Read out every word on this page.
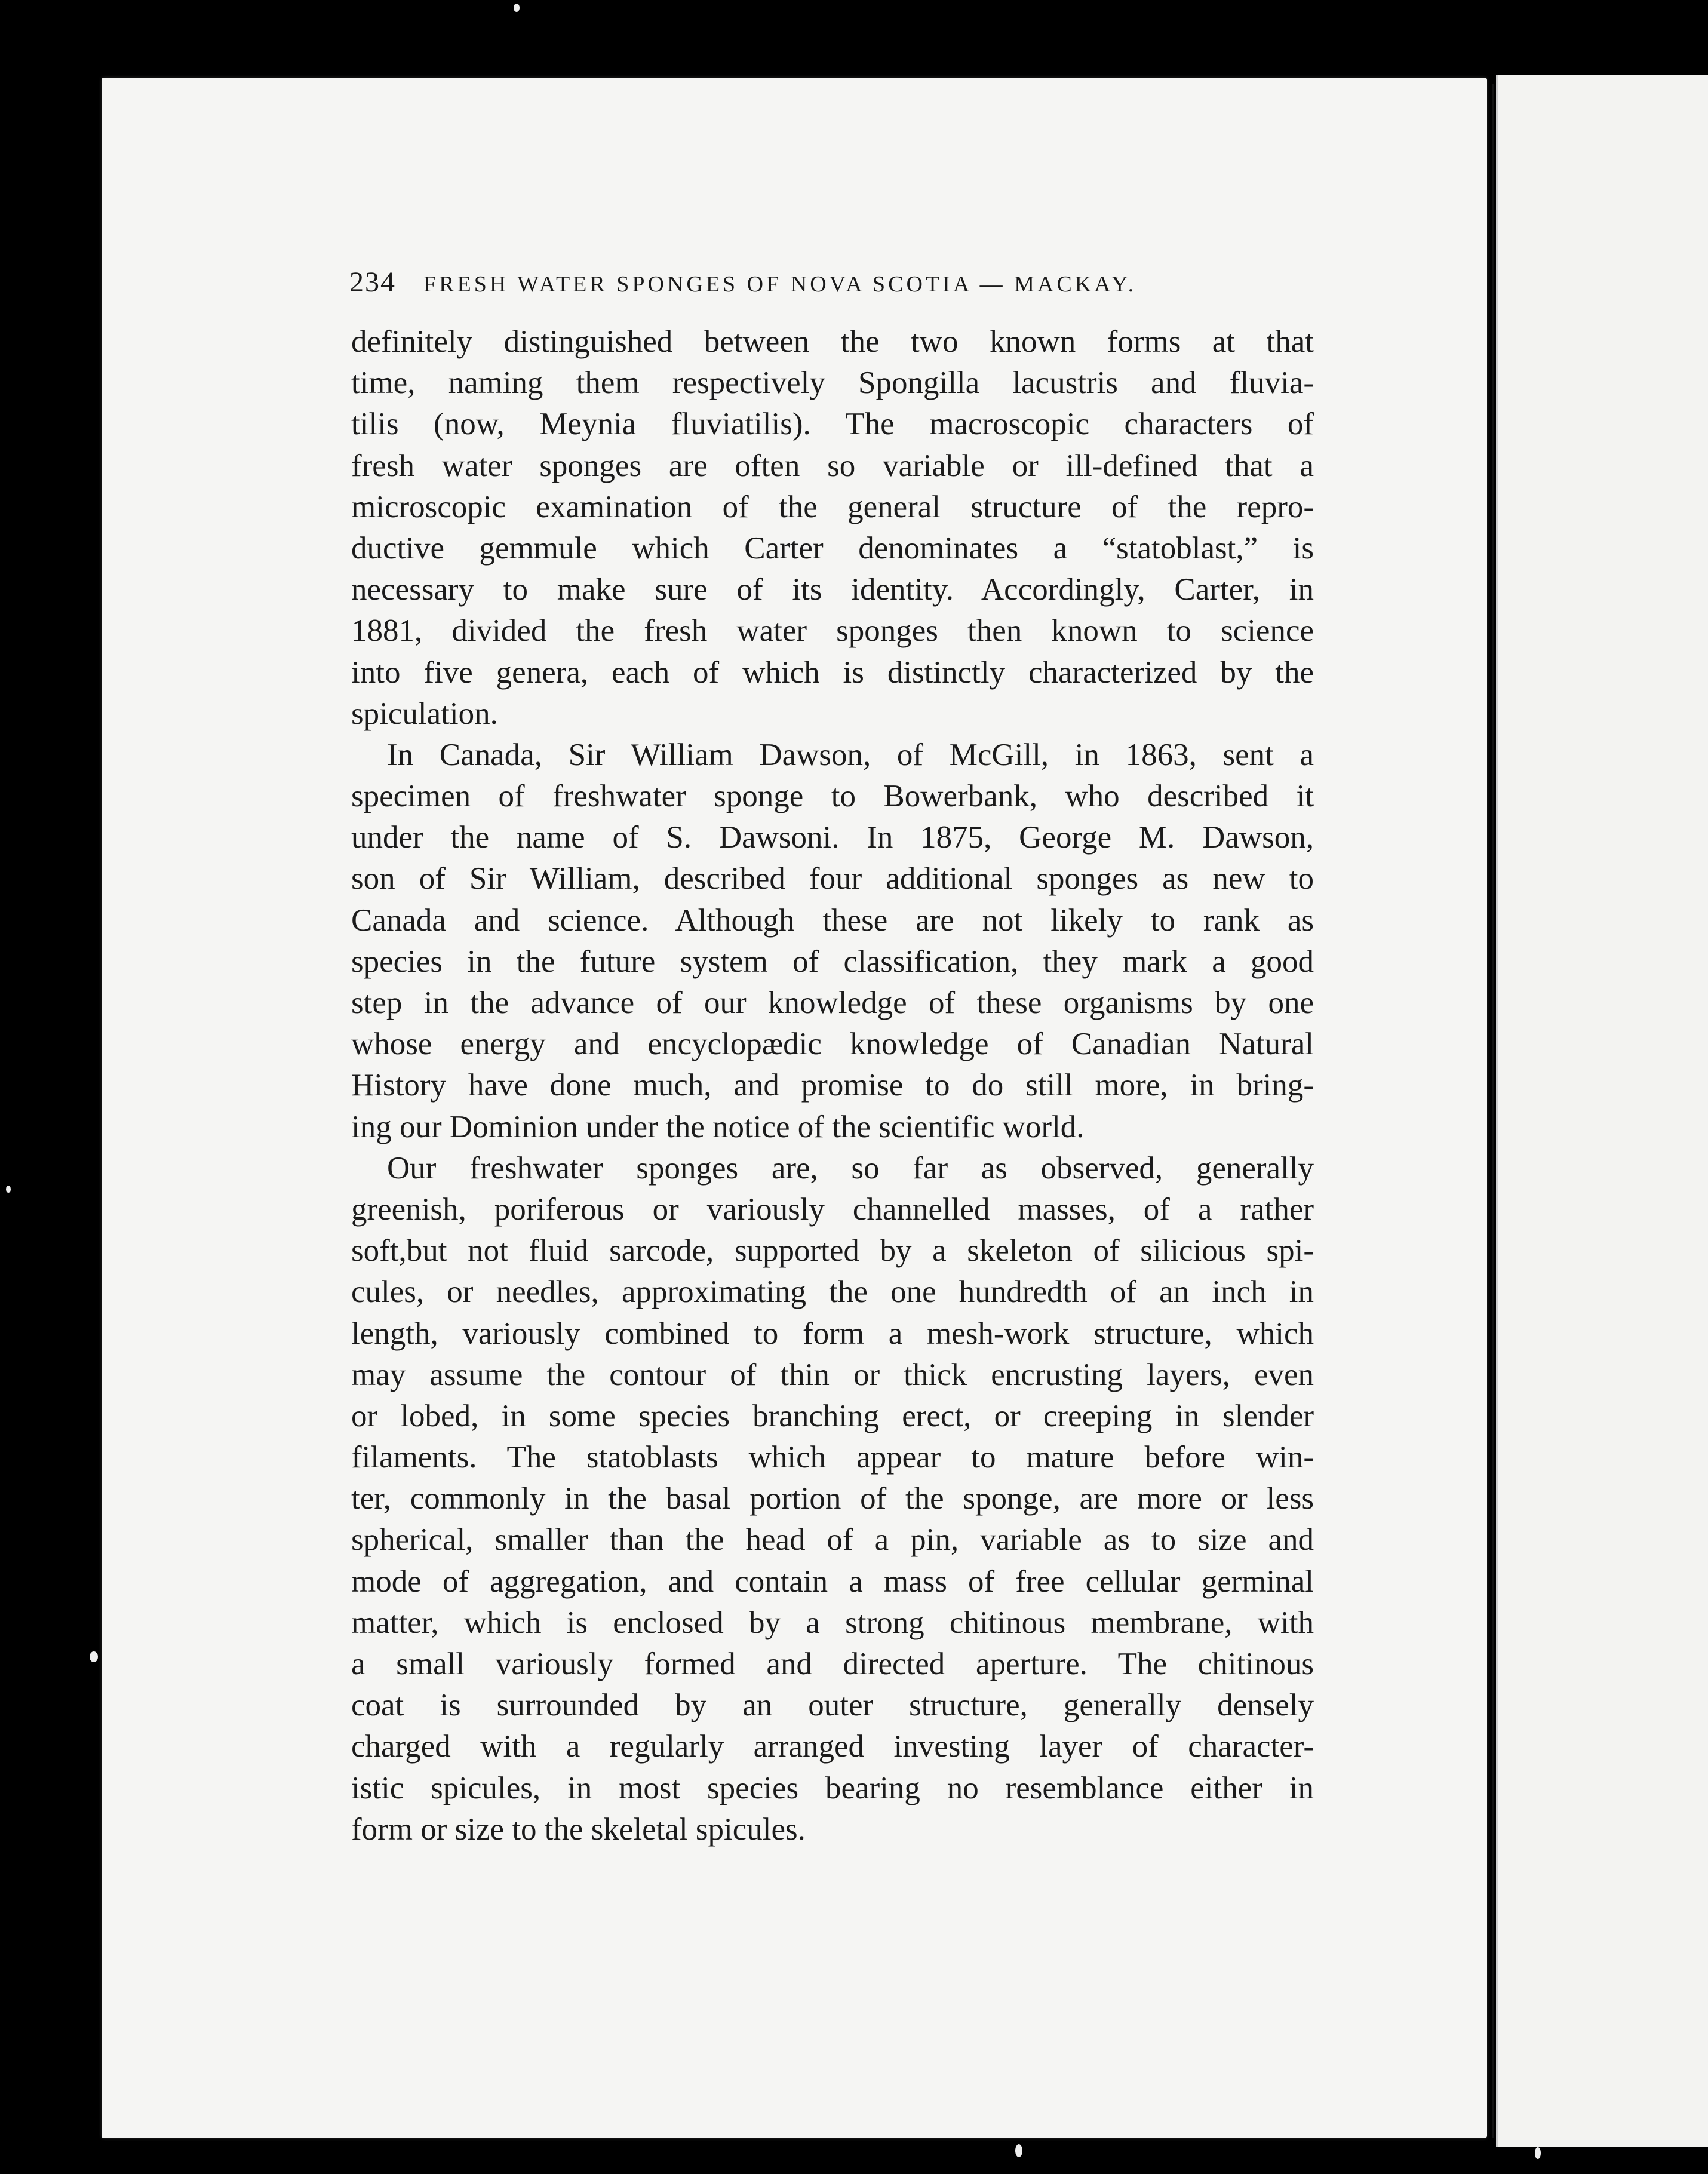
234 FRESH WATER SPONGES OF NOVA SCOTIA — MACKAY.
definitely distinguished between the two known forms at that
time, naming them respectively Spongilla lacustris and fluvia-
tilis (now, Meynia fluviatilis). The macroscopic characters of
fresh water sponges are often so variable or ill-defined that a
microscopic examination of the general structure of the repro-
ductive gemmule which Carter denominates a “statoblast,” is
necessary to make sure of its identity. Accordingly, Carter, in
1881, divided the fresh water sponges then known to science
into five genera, each of which is distinctly characterized by the
spiculation.
In Canada, Sir William Dawson, of McGill, in 1863, sent a
specimen of freshwater sponge to Bowerbank, who described it
under the name of S. Dawsoni. In 1875, George M. Dawson,
son of Sir William, described four additional sponges as new to
Canada and science. Although these are not likely to rank as
species in the future system of classification, they mark a good
step in the advance of our knowledge of these organisms by one
whose energy and encyclopædic knowledge of Canadian Natural
History have done much, and promise to do still more, in bring-
ing our Dominion under the notice of the scientific world.
Our freshwater sponges are, so far as observed, generally
greenish, poriferous or variously channelled masses, of a rather
soft,but not fluid sarcode, supported by a skeleton of silicious spi-
cules, or needles, approximating the one hundredth of an inch in
length, variously combined to form a mesh-work structure, which
may assume the contour of thin or thick encrusting layers, even
or lobed, in some species branching erect, or creeping in slender
filaments. The statoblasts which appear to mature before win-
ter, commonly in the basal portion of the sponge, are more or less
spherical, smaller than the head of a pin, variable as to size and
mode of aggregation, and contain a mass of free cellular germinal
matter, which is enclosed by a strong chitinous membrane, with
a small variously formed and directed aperture. The chitinous
coat is surrounded by an outer structure, generally densely
charged with a regularly arranged investing layer of character-
istic spicules, in most species bearing no resemblance either in
form or size to the skeletal spicules.
